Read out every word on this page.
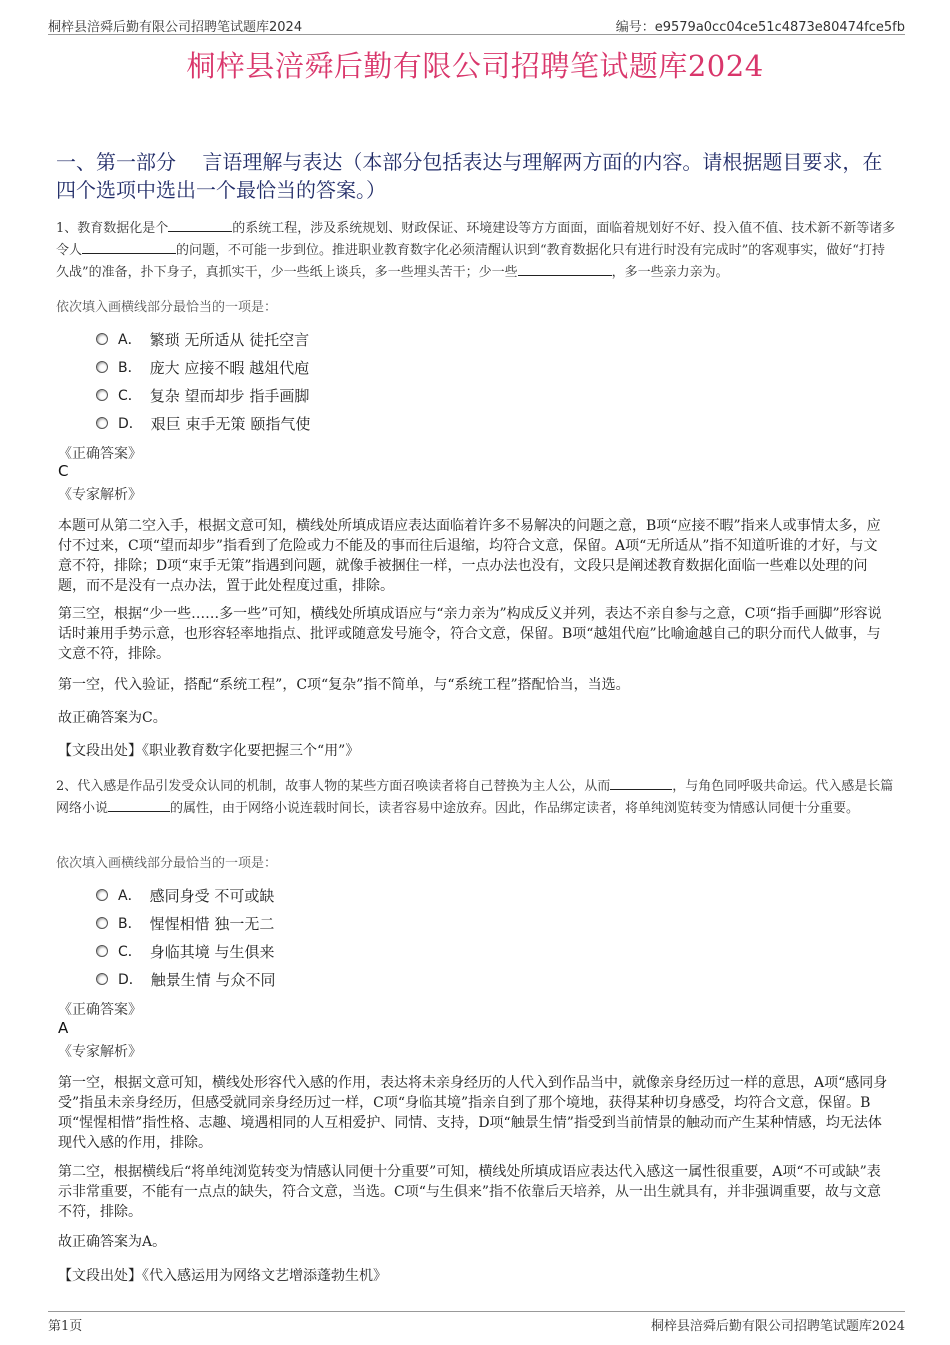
桐梓县涪舜后勤有限公司招聘笔试题库2024	编号：e9579a0cc04ce51c4873e80474fce5fb
桐梓县涪舜后勤有限公司招聘笔试题库2024
一、第一部分　 言语理解与表达（本部分包括表达与理解两方面的内容。请根据题目要求，在四个选项中选出一个最恰当的答案。）
1、教育数据化是个	的系统工程，涉及系统规划、财政保证、环境建设等方方面面，面临着规划好不好、投入值不值、技术新不新等诸多令人	的问题，不可能一步到位。推进职业教育数字化必须清醒认识到“教育数据化只有进行时没有完成时”的客观事实，做好“打持久战”的准备，扑下身子，真抓实干，少一些纸上谈兵，多一些埋头苦干；少一些	，多一些亲力亲为。
依次填入画横线部分最恰当的一项是：
A． 繁琐 无所适从 徒托空言
B． 庞大 应接不暇 越俎代庖
C． 复杂 望而却步 指手画脚
D． 艰巨 束手无策 颐指气使
《正确答案》
C
《专家解析》
本题可从第二空入手，根据文意可知，横线处所填成语应表达面临着许多不易解决的问题之意，B项“应接不暇”指来人或事情太多，应付不过来，C项“望而却步”指看到了危险或力不能及的事而往后退缩，均符合文意，保留。A项“无所适从”指不知道听谁的才好，与文意不符，排除；D项“束手无策”指遇到问题，就像手被捆住一样，一点办法也没有，文段只是阐述教育数据化面临一些难以处理的问题，而不是没有一点办法，置于此处程度过重，排除。
第三空，根据“少一些……多一些”可知，横线处所填成语应与“亲力亲为”构成反义并列，表达不亲自参与之意，C项“指手画脚”形容说话时兼用手势示意，也形容轻率地指点、批评或随意发号施令，符合文意，保留。B项“越俎代庖”比喻逾越自己的职分而代人做事，与文意不符，排除。
第一空，代入验证，搭配“系统工程”，C项“复杂”指不简单，与“系统工程”搭配恰当，当选。
故正确答案为C。
【文段出处】《职业教育数字化要把握三个“用”》
2、代入感是作品引发受众认同的机制，故事人物的某些方面召唤读者将自己替换为主人公，从而	，与角色同呼吸共命运。代入感是长篇网络小说	的属性，由于网络小说连载时间长，读者容易中途放弃。因此，作品绑定读者，将单纯浏览转变为情感认同便十分重要。
依次填入画横线部分最恰当的一项是：
A． 感同身受 不可或缺
B． 惺惺相惜 独一无二
C． 身临其境 与生俱来
D． 触景生情 与众不同
《正确答案》
A
《专家解析》
第一空，根据文意可知，横线处形容代入感的作用，表达将未亲身经历的人代入到作品当中，就像亲身经历过一样的意思，A项“感同身受”指虽未亲身经历，但感受就同亲身经历过一样，C项“身临其境”指亲自到了那个境地，获得某种切身感受，均符合文意，保留。B项“惺惺相惜”指性格、志趣、境遇相同的人互相爱护、同情、支持，D项“触景生情”指受到当前情景的触动而产生某种情感，均无法体现代入感的作用，排除。
第二空，根据横线后“将单纯浏览转变为情感认同便十分重要”可知，横线处所填成语应表达代入感这一属性很重要，A项“不可或缺”表示非常重要，不能有一点点的缺失，符合文意，当选。C项“与生俱来”指不依靠后天培养，从一出生就具有，并非强调重要，故与文意不符，排除。
故正确答案为A。
【文段出处】《代入感运用为网络文艺增添蓬勃生机》
第1页	桐梓县涪舜后勤有限公司招聘笔试题库2024
